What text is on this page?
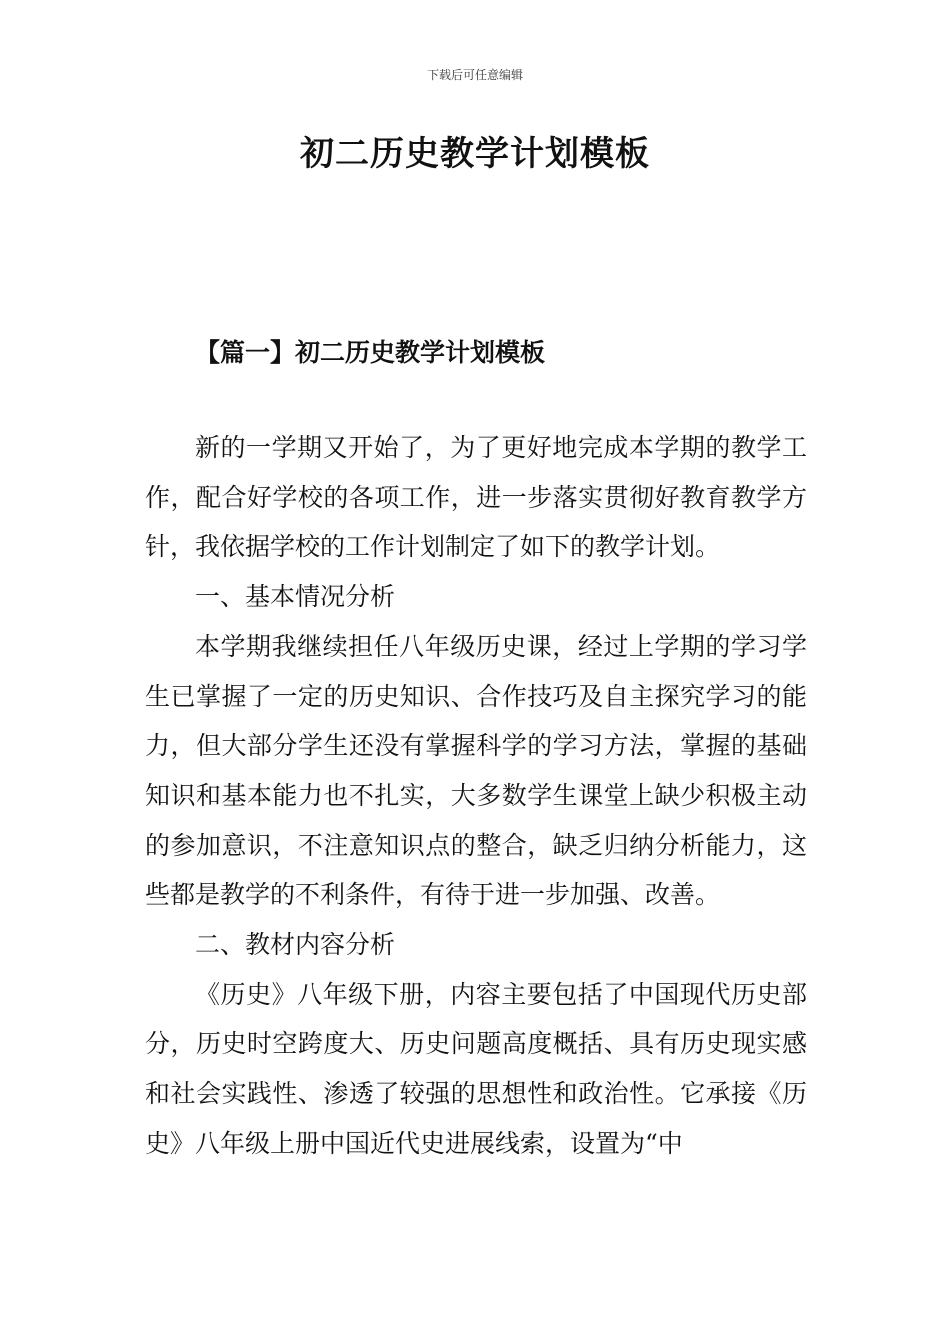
下载后可任意编辑
初二历史教学计划模板
【篇一】初二历史教学计划模板

新的一学期又开始了，为了更好地完成本学期的教学工作，配合好学校的各项工作，进一步落实贯彻好教育教学方针，我依据学校的工作计划制定了如下的教学计划。

一、基本情况分析

本学期我继续担任八年级历史课，经过上学期的学习学生已掌握了一定的历史知识、合作技巧及自主探究学习的能力，但大部分学生还没有掌握科学的学习方法，掌握的基础知识和基本能力也不扎实，大多数学生课堂上缺少积极主动的参加意识，不注意知识点的整合，缺乏归纳分析能力，这些都是教学的不利条件，有待于进一步加强、改善。

二、教材内容分析

《历史》八年级下册，内容主要包括了中国现代历史部分，历史时空跨度大、历史问题高度概括、具有历史现实感和社会实践性、渗透了较强的思想性和政治性。它承接《历史》八年级上册中国近代史进展线索，设置为“中
